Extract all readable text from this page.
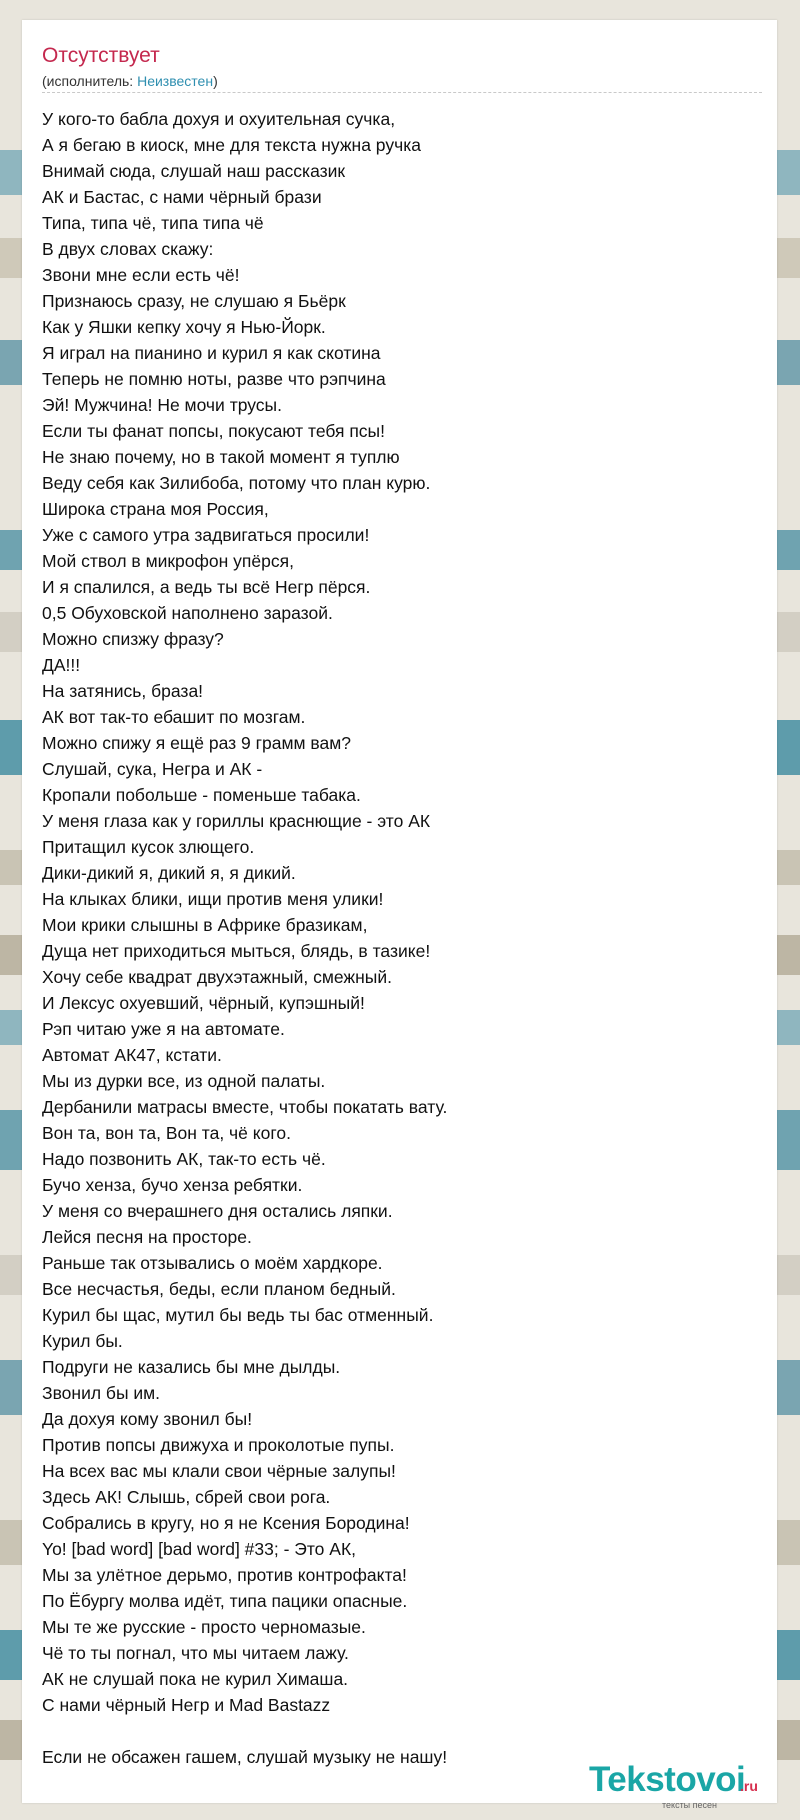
Отсутствует
(исполнитель: Неизвестен)
У кого-то бабла дохуя и охуительная сучка,
А я бегаю в киоск, мне для текста нужна ручка
Внимай сюда, слушай наш рассказик
АК и Бастас, с нами чёрный брази
Типа, типа чё, типа типа чё
В двух словах скажу:
Звони мне если есть чё!
Признаюсь сразу, не слушаю я Бьёрк
Как у Яшки кепку хочу я Нью-Йорк.
Я играл на пианино и курил я как скотина
Теперь не помню ноты, разве что рэпчина
Эй! Мужчина! Не мочи трусы.
Если ты фанат попсы, покусают тебя псы!
Не знаю почему, но в такой момент я туплю
Веду себя как Зилибоба, потому что план курю.
Широка страна моя Россия,
Уже с самого утра задвигаться просили!
Мой ствол в микрофон упёрся,
И я спалился, а ведь ты всё Негр пёрся.
0,5 Обуховской наполнено заразой.
Можно спизжу фразу?
ДА!!!
На затянись, браза!
АК вот так-то ебашит по мозгам.
Можно спижу я ещё раз 9 грамм вам?
Слушай, сука, Негра и АК -
Кропали побольше - поменьше табака.
У меня глаза как у гориллы краснющие - это АК
Притащил кусок злющего.
Дики-дикий я, дикий я, я дикий.
На клыках блики, ищи против меня улики!
Мои крики слышны в Африке бразикам,
Дуща нет приходиться мыться, блядь, в тазике!
Хочу себе квадрат двухэтажный, смежный.
И Лексус охуевший, чёрный, купэшный!
Рэп читаю уже я на автомате.
Автомат АК47, кстати.
Мы из дурки все, из одной палаты.
Дербанили матрасы вместе, чтобы покатать вату.
Вон та, вон та, Вон та, чё кого.
Надо позвонить АК, так-то есть чё.
Бучо хенза, бучо хенза ребятки.
У меня со вчерашнего дня остались ляпки.
Лейся песня на просторе.
Раньше так отзывались о моём хардкоре.
Все несчастья, беды, если планом бедный.
Курил бы щас, мутил бы ведь ты бас отменный.
Курил бы.
Подруги не казались бы мне дылды.
Звонил бы им.
Да дохуя кому звонил бы!
Против попсы движуха и проколотые пупы.
На всех вас мы клали свои чёрные залупы!
Здесь АК! Слышь, сбрей свои рога.
Собрались в кругу, но я не Ксения Бородина!
Yo! [bad word] [bad word] #33; - Это АК,
Мы за улётное дерьмо, против контрофакта!
По Ёбургу молва идёт, типа пацики опасные.
Мы те же русские - просто черномазые.
Чё то ты погнал, что мы читаем лажу.
АК не слушай пока не курил Химаша.
С нами чёрный Негр и Mad Bastazz
Если не обсажен гашем, слушай музыку не нашу!
Tekstovoi
.ru
тексты песен
